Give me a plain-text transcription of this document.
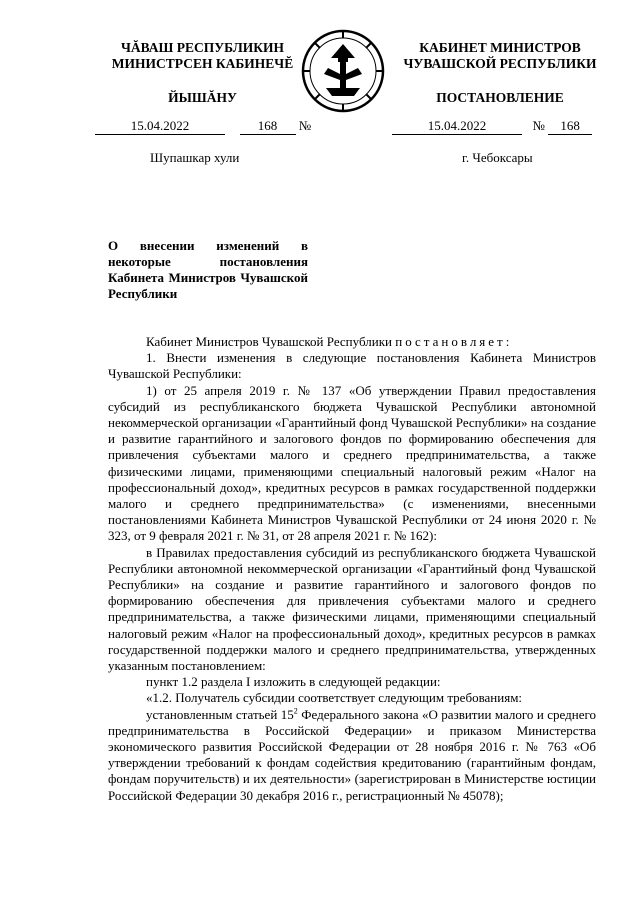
ЧĂВАШ РЕСПУБЛИКИН
МИНИСТРСЕН КАБИНЕЧĔ
ЙЫШĂНУ
КАБИНЕТ МИНИСТРОВ
ЧУВАШСКОЙ РЕСПУБЛИКИ
ПОСТАНОВЛЕНИЕ
15.04.2022	168 №	15.04.2022	№ 168
Шупашкар хули	г. Чебоксары
О внесении изменений в некоторые постановления Кабинета Министров Чувашской Республики

Кабинет Министров Чувашской Республики постановляет:

1. Внести изменения в следующие постановления Кабинета Министров Чувашской Республики:

1) от 25 апреля 2019 г. № 137 «Об утверждении Правил предоставления субсидий из республиканского бюджета Чувашской Республики автономной некоммерческой организации «Гарантийный фонд Чувашской Республики» на создание и развитие гарантийного и залогового фондов по формированию обеспечения для привлечения субъектами малого и среднего предпринимательства, а также физическими лицами, применяющими специальный налоговый режим «Налог на профессиональный доход», кредитных ресурсов в рамках государственной поддержки малого и среднего предпринимательства» (с изменениями, внесенными постановлениями Кабинета Министров Чувашской Республики от 24 июня 2020 г. № 323, от 9 февраля 2021 г. № 31, от 28 апреля 2021 г. № 162):

в Правилах предоставления субсидий из республиканского бюджета Чувашской Республики автономной некоммерческой организации «Гарантийный фонд Чувашской Республики» на создание и развитие гарантийного и залогового фондов по формированию обеспечения для привлечения субъектами малого и среднего предпринимательства, а также физическими лицами, применяющими специальный налоговый режим «Налог на профессиональный доход», кредитных ресурсов в рамках государственной поддержки малого и среднего предпринимательства, утвержденных указанным постановлением:

пункт 1.2 раздела I изложить в следующей редакции:

«1.2. Получатель субсидии соответствует следующим требованиям:

установленным статьей $15^2$ Федерального закона «О развитии малого и среднего предпринимательства в Российской Федерации» и приказом Министерства экономического развития Российской Федерации от 28 ноября 2016 г. № 763 «Об утверждении требований к фондам содействия кредитованию (гарантийным фондам, фондам поручительств) и их деятельности» (зарегистрирован в Министерстве юстиции Российской Федерации 30 декабря 2016 г., регистрационный № 45078);
